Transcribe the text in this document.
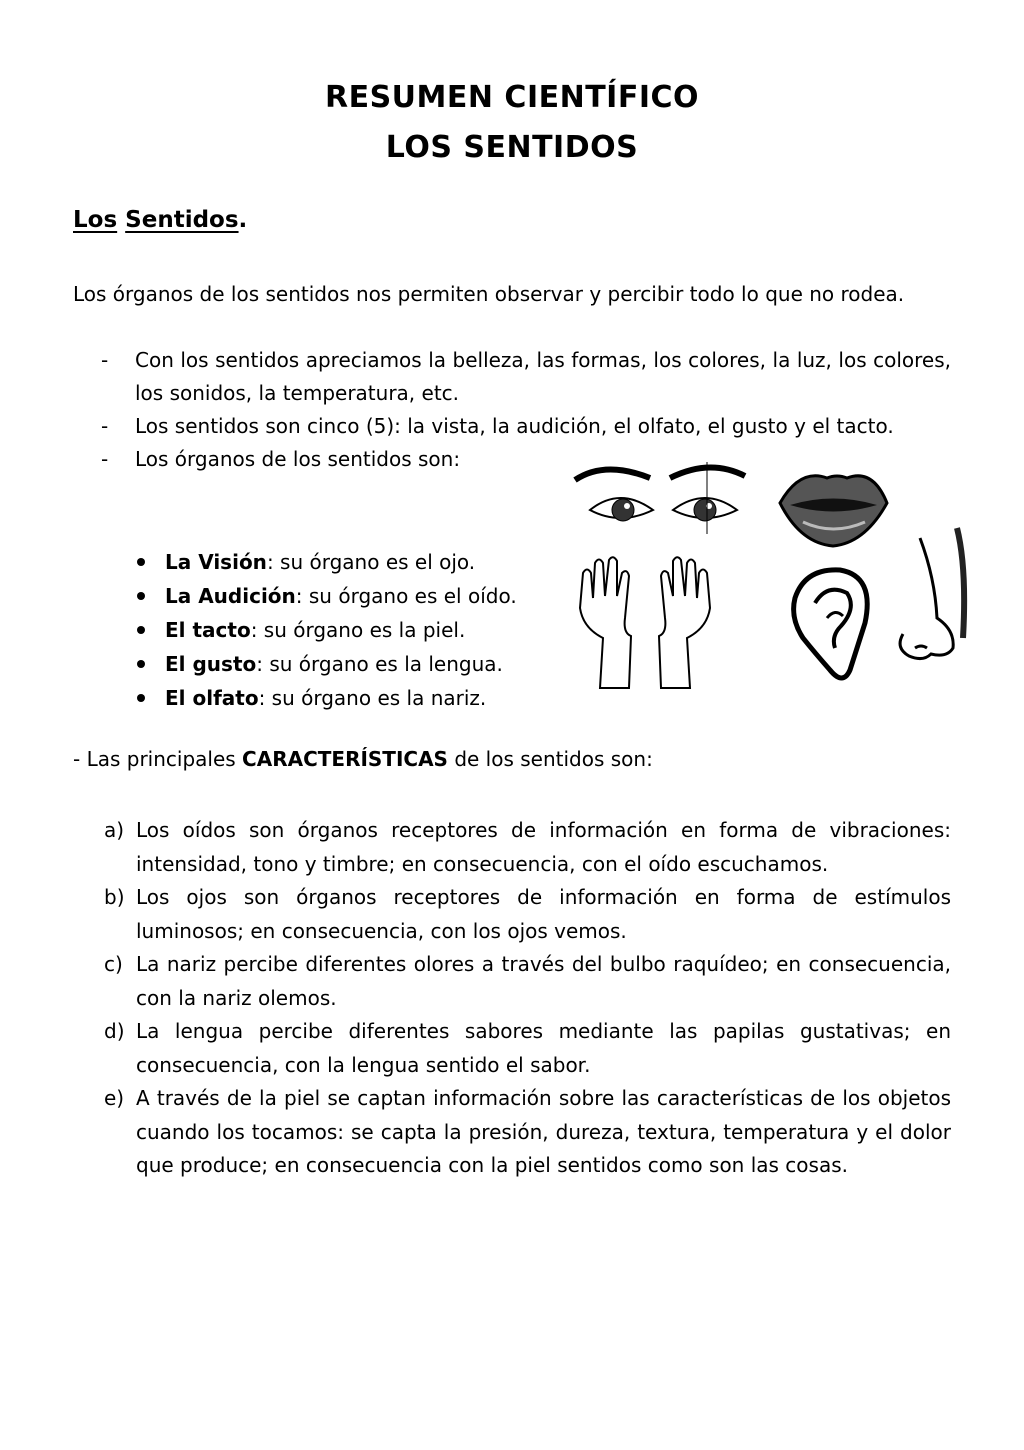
RESUMEN CIENTÍFICO
LOS SENTIDOS
Los Sentidos.
Los órganos de los sentidos nos permiten observar y percibir todo lo que no rodea.
- Con los sentidos apreciamos la belleza, las formas, los colores, la luz, los colores, los sonidos, la temperatura, etc.
- Los sentidos son cinco (5): la vista, la audición, el olfato, el gusto y el tacto.
- Los órganos de los sentidos son:
La Visión: su órgano es el ojo.
La Audición: su órgano es el oído.
El tacto: su órgano es la piel.
El gusto: su órgano es la lengua.
El olfato: su órgano es la nariz.
- Las principales CARACTERÍSTICAS de los sentidos son:
a) Los oídos son órganos receptores de información en forma de vibraciones: intensidad, tono y timbre; en consecuencia, con el oído escuchamos.
b) Los ojos son órganos receptores de información en forma de estímulos luminosos; en consecuencia, con los ojos vemos.
c) La nariz percibe diferentes olores a través del bulbo raquídeo; en consecuencia, con la nariz olemos.
d) La lengua percibe diferentes sabores mediante las papilas gustativas; en consecuencia, con la lengua sentido el sabor.
e) A través de la piel se captan información sobre las características de los objetos cuando los tocamos: se capta la presión, dureza, textura, temperatura y el dolor que produce; en consecuencia con la piel sentidos como son las cosas.
